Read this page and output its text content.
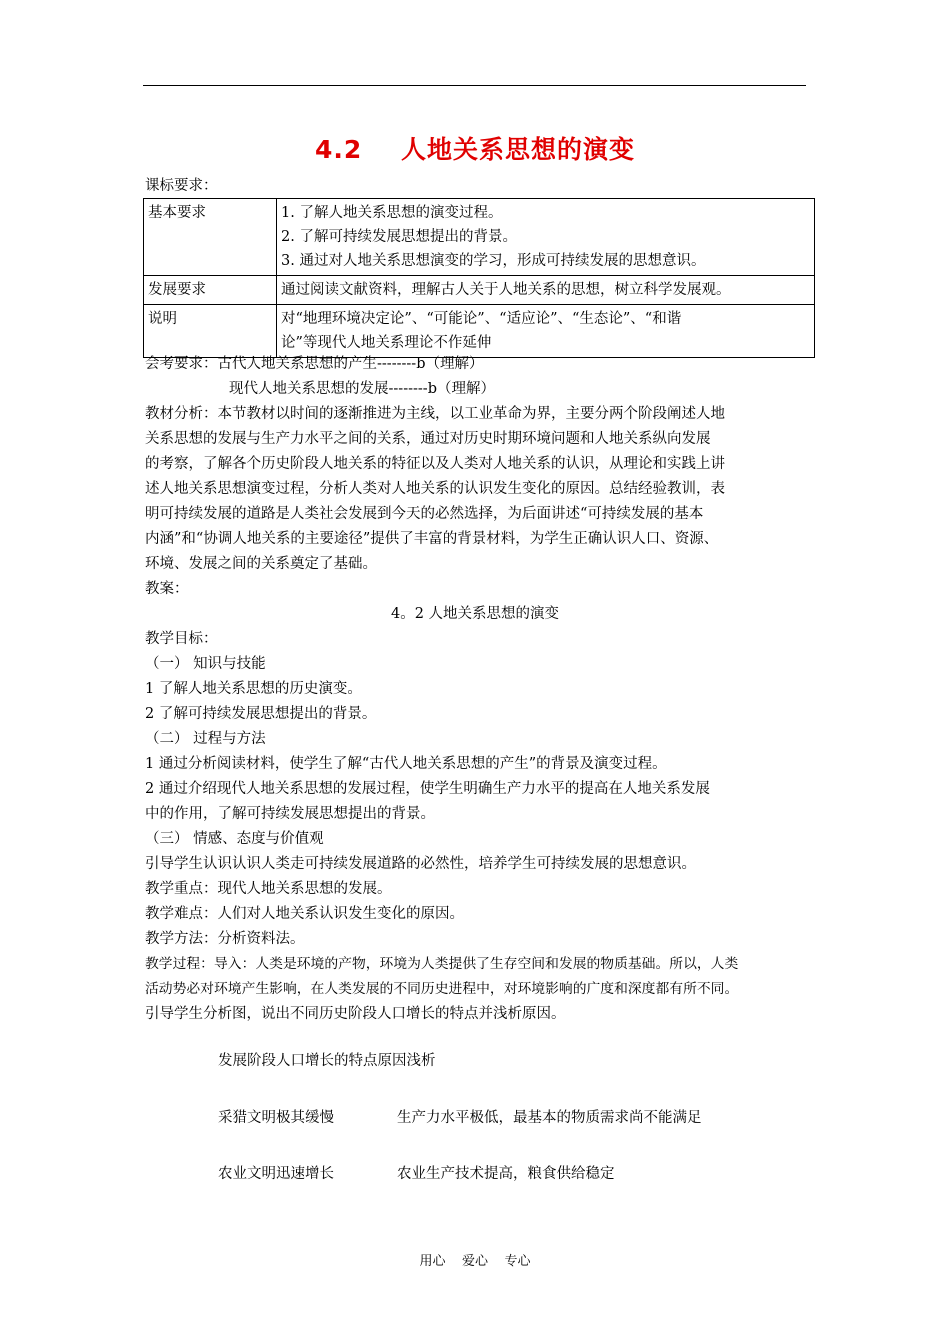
4.2    人地关系思想的演变
课标要求：
基本要求	1. 了解人地关系思想的演变过程。
2. 了解可持续发展思想提出的背景。
3. 通过对人地关系思想演变的学习，形成可持续发展的思想意识。

发展要求	通过阅读文献资料，理解古人关于人地关系的思想，树立科学发展观。
说明	对“地理环境决定论”、“可能论”、“适应论”、“生态论”、“和谐
论”等现代人地关系理论不作延伸
会考要求：古代人地关系思想的产生--------b（理解）
现代人地关系思想的发展--------b（理解）
教材分析：本节教材以时间的逐渐推进为主线，以工业革命为界，主要分两个阶段阐述人地
关系思想的发展与生产力水平之间的关系，通过对历史时期环境问题和人地关系纵向发展
的考察，了解各个历史阶段人地关系的特征以及人类对人地关系的认识，从理论和实践上讲
述人地关系思想演变过程，分析人类对人地关系的认识发生变化的原因。总结经验教训，表
明可持续发展的道路是人类社会发展到今天的必然选择，为后面讲述“可持续发展的基本
内涵”和“协调人地关系的主要途径”提供了丰富的背景材料，为学生正确认识人口、资源、
环境、发展之间的关系奠定了基础。
教案：
4。2 人地关系思想的演变
教学目标：
（一） 知识与技能
1 了解人地关系思想的历史演变。
2 了解可持续发展思想提出的背景。
（二） 过程与方法
1 通过分析阅读材料，使学生了解“古代人地关系思想的产生”的背景及演变过程。
2 通过介绍现代人地关系思想的发展过程，使学生明确生产力水平的提高在人地关系发展
中的作用，了解可持续发展思想提出的背景。
（三） 情感、态度与价值观
引导学生认识认识人类走可持续发展道路的必然性，培养学生可持续发展的思想意识。
教学重点：现代人地关系思想的发展。
教学难点：人们对人地关系认识发生变化的原因。
教学方法：分析资料法。
教学过程：导入：人类是环境的产物，环境为人类提供了生存空间和发展的物质基础。所以，人类
活动势必对环境产生影响，在人类发展的不同历史进程中，对环境影响的广度和深度都有所不同。
引导学生分析图，说出不同历史阶段人口增长的特点并浅析原因。
发展阶段人口增长的特点原因浅析
采猎文明极其缓慢	生产力水平极低，最基本的物质需求尚不能满足
农业文明迅速增长	农业生产技术提高，粮食供给稳定
用心    爱心    专心
